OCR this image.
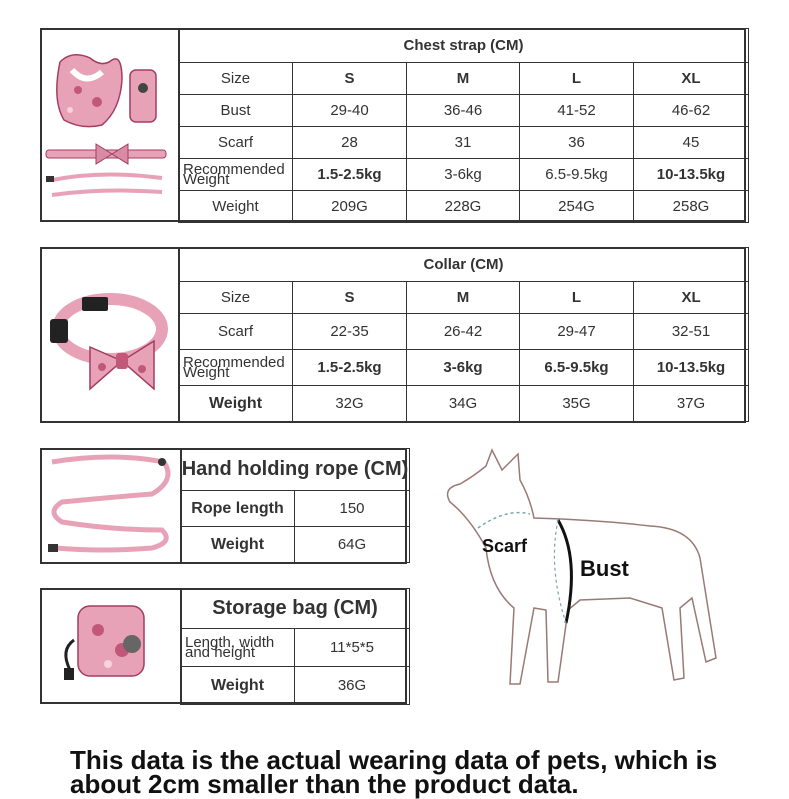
Chest strap (CM)				
Size	S	M	L	XL
Bust	29-40	36-46	41-52	46-62
Scarf	28	31	36	45
Recommended Weight	1.5-2.5kg	3-6kg	6.5-9.5kg	10-13.5kg
Weight	209G	228G	254G	258G
Collar (CM)				
Size	S	M	L	XL
Scarf	22-35	26-42	29-47	32-51
Recommended Weight	1.5-2.5kg	3-6kg	6.5-9.5kg	10-13.5kg
Weight	32G	34G	35G	37G
Hand holding rope (CM)	
Rope length	150
Weight	64G
Storage bag (CM)	
Length, width and height	11*5*5
Weight	36G
Scarf
Bust
This data is the actual wearing data of pets, which is about 2cm smaller than the product data.
